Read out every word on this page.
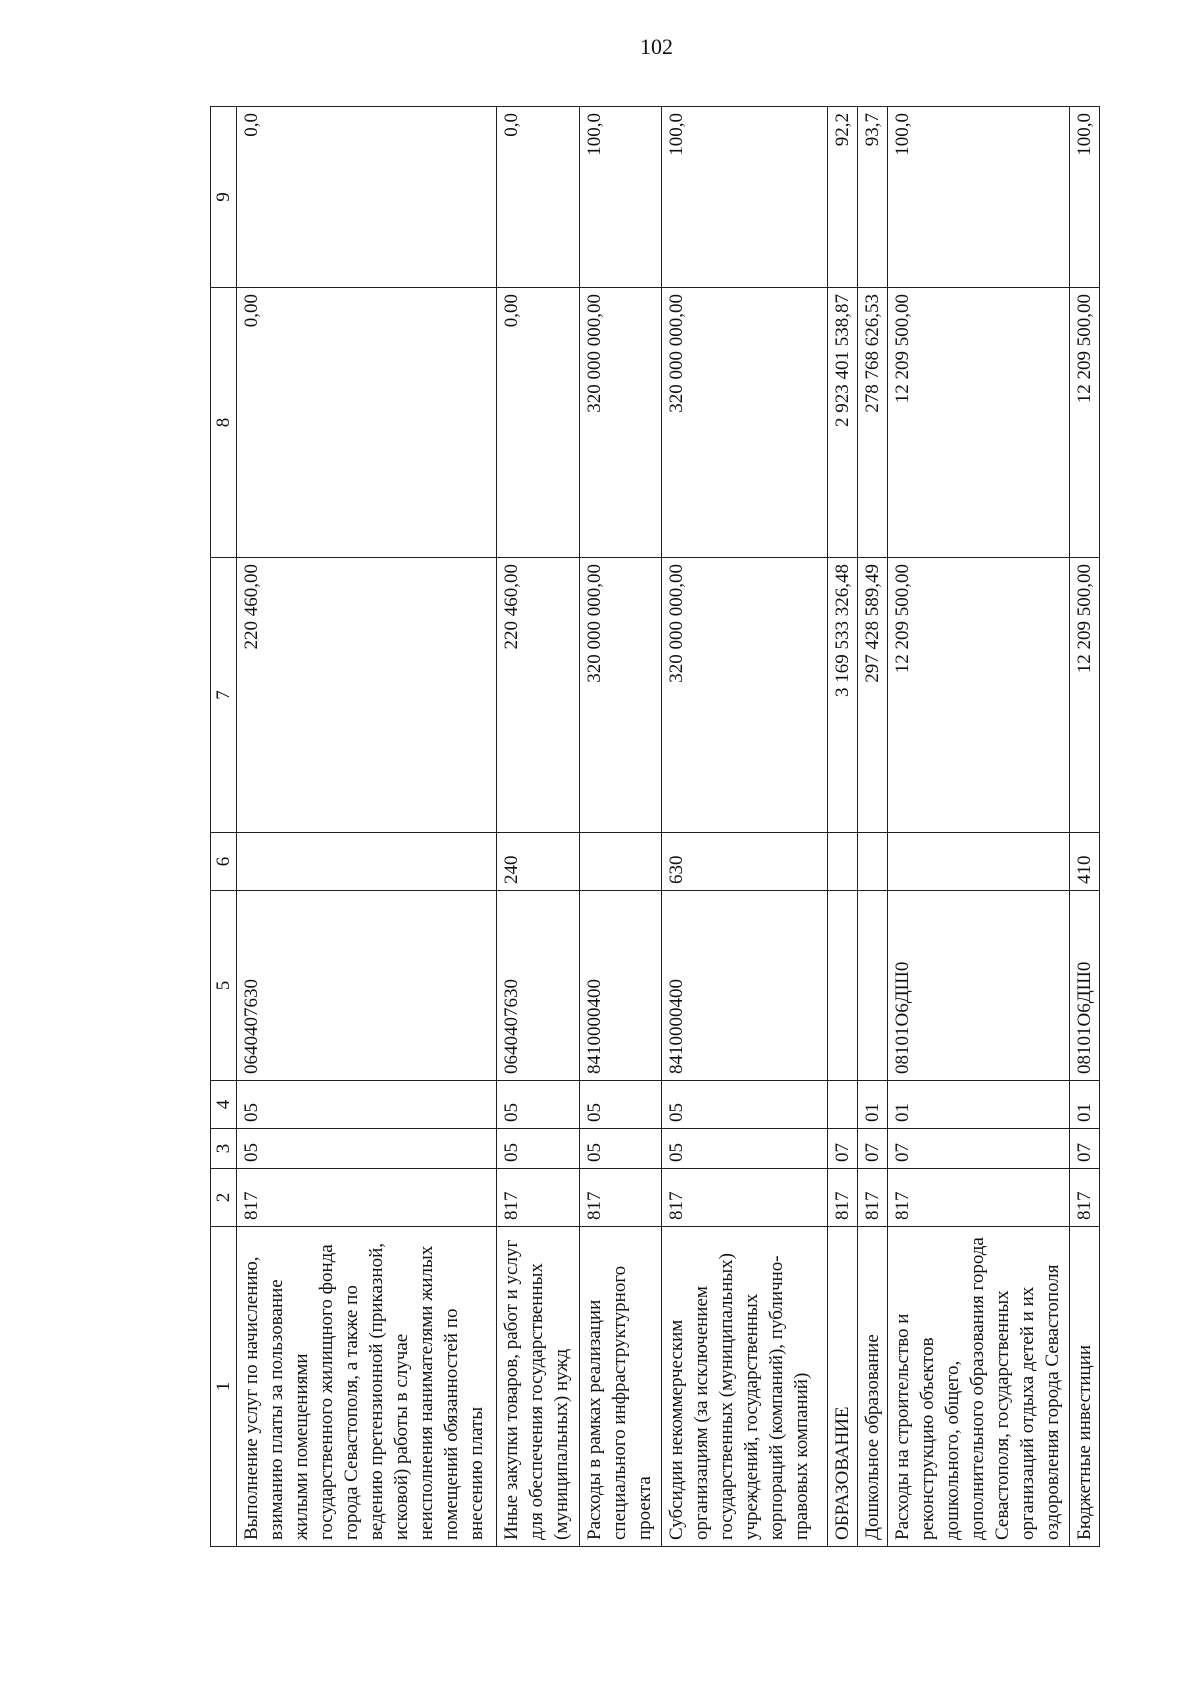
102
1	2	3	4	5	6	7	8	9
Выполнение услуг по начислению, взиманию платы за пользование жилыми помещениями государственного жилищного фонда города Севастополя, а также по ведению претензионной (приказной, исковой) работы в случае неисполнения нанимателями жилых помещений обязанностей по внесению платы	817	05	05	0640407630		220 460,00	0,00	0,0
Иные закупки товаров, работ и услуг для обеспечения государственных (муниципальных) нужд	817	05	05	0640407630	240	220 460,00	0,00	0,0
Расходы в рамках реализации специального инфраструктурного проекта	817	05	05	8410000400		320 000 000,00	320 000 000,00	100,0
Субсидии некоммерческим организациям (за исключением государственных (муниципальных) учреждений, государственных корпораций (компаний), публично-правовых компаний)	817	05	05	8410000400	630	320 000 000,00	320 000 000,00	100,0
ОБРАЗОВАНИЕ	817	07				3 169 533 326,48	2 923 401 538,87	92,2
Дошкольное образование	817	07	01			297 428 589,49	278 768 626,53	93,7
Расходы на строительство и реконструкцию объектов дошкольного, общего, дополнительного образования города Севастополя, государственных организаций отдыха детей и их оздоровления города Севастополя	817	07	01	08101O6ДШ0		12 209 500,00	12 209 500,00	100,0
Бюджетные инвестиции	817	07	01	08101O6ДШ0	410	12 209 500,00	12 209 500,00	100,0
